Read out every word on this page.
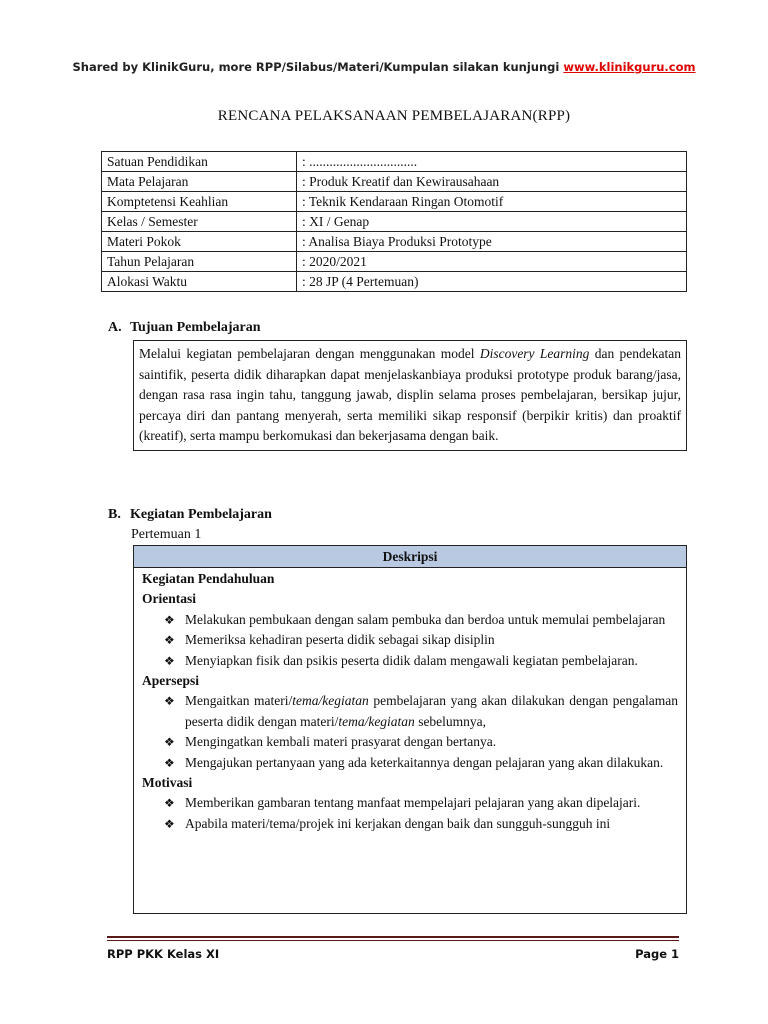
Shared by KlinikGuru, more RPP/Silabus/Materi/Kumpulan silakan kunjungi www.klinikguru.com
RENCANA PELAKSANAAN PEMBELAJARAN(RPP)
Satuan Pendidikan	: ................................
Mata Pelajaran	: Produk Kreatif dan Kewirausahaan
Komptetensi Keahlian	: Teknik Kendaraan Ringan Otomotif
Kelas / Semester	: XI / Genap
Materi Pokok	: Analisa Biaya Produksi Prototype
Tahun Pelajaran	: 2020/2021
Alokasi Waktu	: 28 JP (4 Pertemuan)
A. Tujuan Pembelajaran
Melalui kegiatan pembelajaran dengan menggunakan model Discovery Learning dan pendekatan saintifik, peserta didik diharapkan dapat menjelaskanbiaya produksi prototype produk barang/jasa, dengan rasa rasa ingin tahu, tanggung jawab, displin selama proses pembelajaran, bersikap jujur, percaya diri dan pantang menyerah, serta memiliki sikap responsif (berpikir kritis) dan proaktif (kreatif), serta mampu berkomukasi dan bekerjasama dengan baik.
B. Kegiatan Pembelajaran
Pertemuan 1
Deskripsi
Kegiatan Pendahuluan
Orientasi
❖ Melakukan pembukaan dengan salam pembuka dan berdoa untuk memulai pembelajaran
❖ Memeriksa kehadiran peserta didik sebagai sikap disiplin
❖ Menyiapkan fisik dan psikis peserta didik dalam mengawali kegiatan pembelajaran.
Apersepsi
❖ Mengaitkan materi/tema/kegiatan pembelajaran yang akan dilakukan dengan pengalaman peserta didik dengan materi/tema/kegiatan sebelumnya,
❖ Mengingatkan kembali materi prasyarat dengan bertanya.
❖ Mengajukan pertanyaan yang ada keterkaitannya dengan pelajaran yang akan dilakukan.
Motivasi
❖ Memberikan gambaran tentang manfaat mempelajari pelajaran yang akan dipelajari.
❖ Apabila materi/tema/projek ini kerjakan dengan baik dan sungguh-sungguh ini
RPP PKK Kelas XI	Page 1
